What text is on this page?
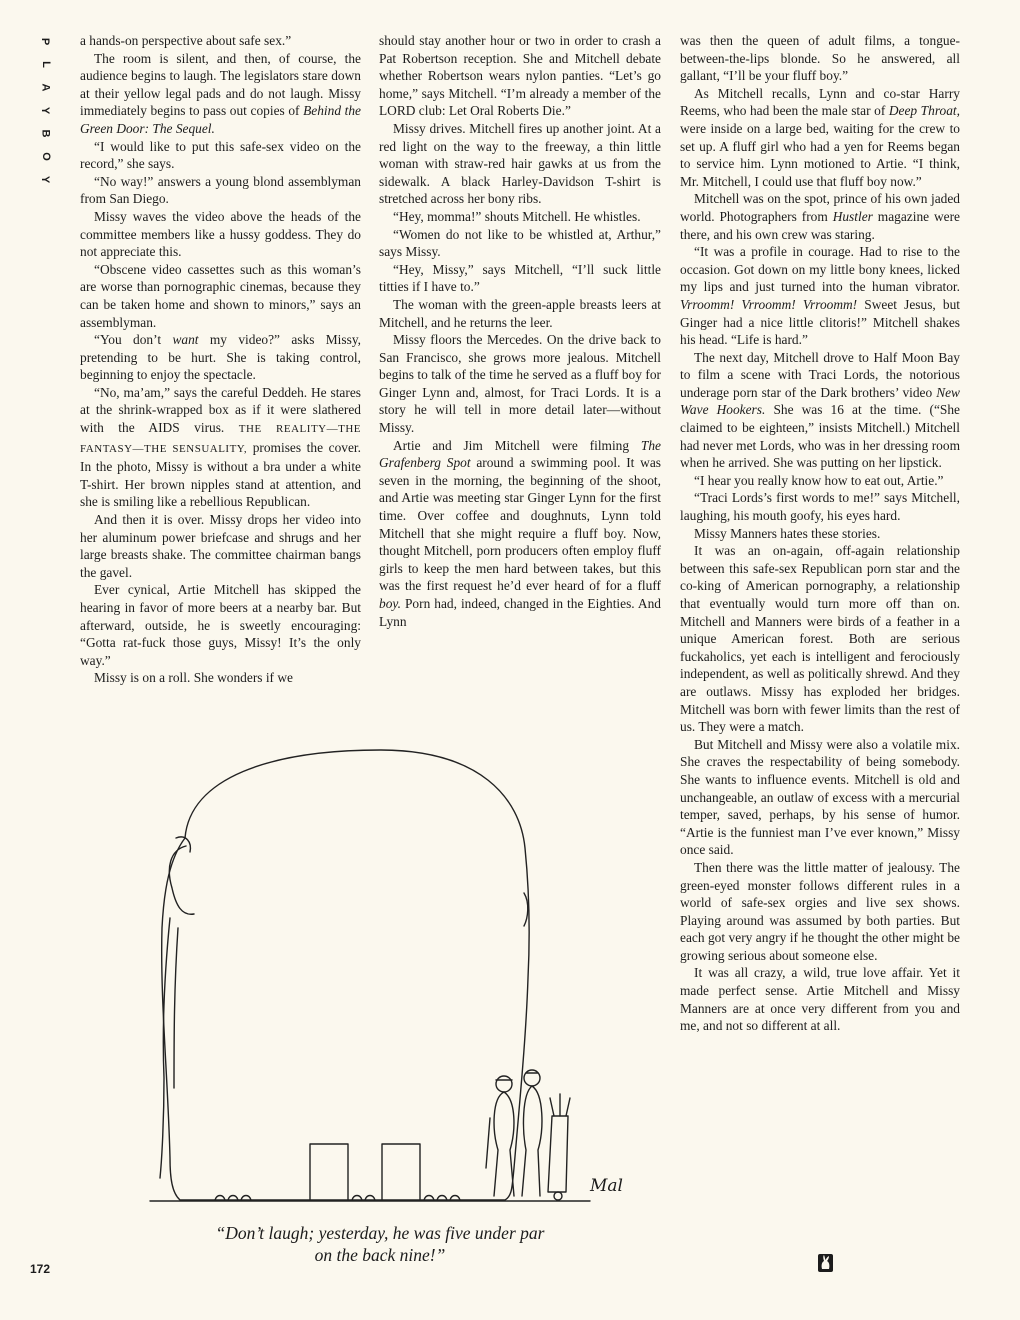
P
L
A
Y
B
O
Y

a hands-on perspective about safe sex.”

The room is silent, and then, of course, the audience begins to laugh. The legislators stare down at their yellow legal pads and do not laugh. Missy immediately begins to pass out copies of Behind the Green Door: The Sequel.

“I would like to put this safe-sex video on the record,” she says.

“No way!” answers a young blond assemblyman from San Diego.

Missy waves the video above the heads of the committee members like a hussy goddess. They do not appreciate this.

“Obscene video cassettes such as this woman’s are worse than pornographic cinemas, because they can be taken home and shown to minors,” says an assemblyman.

“You don’t want my video?” asks Missy, pretending to be hurt. She is taking control, beginning to enjoy the spectacle.

“No, ma’am,” says the careful Deddeh. He stares at the shrink-wrapped box as if it were slathered with the AIDS virus. THE REALITY—THE FANTASY—THE SENSUALITY, promises the cover. In the photo, Missy is without a bra under a white T-shirt. Her brown nipples stand at attention, and she is smiling like a rebellious Republican.

And then it is over. Missy drops her video into her aluminum power briefcase and shrugs and her large breasts shake. The committee chairman bangs the gavel.

Ever cynical, Artie Mitchell has skipped the hearing in favor of more beers at a nearby bar. But afterward, outside, he is sweetly encouraging: “Gotta rat-fuck those guys, Missy! It’s the only way.”

Missy is on a roll. She wonders if we

should stay another hour or two in order to crash a Pat Robertson reception. She and Mitchell debate whether Robertson wears nylon panties. “Let’s go home,” says Mitchell. “I’m already a member of the LORD club: Let Oral Roberts Die.”

Missy drives. Mitchell fires up another joint. At a red light on the way to the freeway, a thin little woman with straw-red hair gawks at us from the sidewalk. A black Harley-Davidson T-shirt is stretched across her bony ribs.

“Hey, momma!” shouts Mitchell. He whistles.

“Women do not like to be whistled at, Arthur,” says Missy.

“Hey, Missy,” says Mitchell, “I’ll suck little titties if I have to.”

The woman with the green-apple breasts leers at Mitchell, and he returns the leer.

Missy floors the Mercedes. On the drive back to San Francisco, she grows more jealous. Mitchell begins to talk of the time he served as a fluff boy for Ginger Lynn and, almost, for Traci Lords. It is a story he will tell in more detail later—without Missy.

Artie and Jim Mitchell were filming The Grafenberg Spot around a swimming pool. It was seven in the morning, the beginning of the shoot, and Artie was meeting star Ginger Lynn for the first time. Over coffee and doughnuts, Lynn told Mitchell that she might require a fluff boy. Now, thought Mitchell, porn producers often employ fluff girls to keep the men hard between takes, but this was the first request he’d ever heard of for a fluff boy. Porn had, indeed, changed in the Eighties. And Lynn

was then the queen of adult films, a tongue-between-the-lips blonde. So he answered, all gallant, “I’ll be your fluff boy.”

As Mitchell recalls, Lynn and co-star Harry Reems, who had been the male star of Deep Throat, were inside on a large bed, waiting for the crew to set up. A fluff girl who had a yen for Reems began to service him. Lynn motioned to Artie. “I think, Mr. Mitchell, I could use that fluff boy now.”

Mitchell was on the spot, prince of his own jaded world. Photographers from Hustler magazine were there, and his own crew was staring.

“It was a profile in courage. Had to rise to the occasion. Got down on my little bony knees, licked my lips and just turned into the human vibrator. Vrroomm! Vrroomm! Vrroomm! Sweet Jesus, but Ginger had a nice little clitoris!” Mitchell shakes his head. “Life is hard.”

The next day, Mitchell drove to Half Moon Bay to film a scene with Traci Lords, the notorious underage porn star of the Dark brothers’ video New Wave Hookers. She was 16 at the time. (“She claimed to be eighteen,” insists Mitchell.) Mitchell had never met Lords, who was in her dressing room when he arrived. She was putting on her lipstick.

“I hear you really know how to eat out, Artie.”

“Traci Lords’s first words to me!” says Mitchell, laughing, his mouth goofy, his eyes hard.

Missy Manners hates these stories.

It was an on-again, off-again relationship between this safe-sex Republican porn star and the co-king of American pornography, a relationship that eventually would turn more off than on. Mitchell and Manners were birds of a feather in a unique American forest. Both are serious fuckaholics, yet each is intelligent and ferociously independent, as well as politically shrewd. And they are outlaws. Missy has exploded her bridges. Mitchell was born with fewer limits than the rest of us. They were a match.

But Mitchell and Missy were also a volatile mix. She craves the respectability of being somebody. She wants to influence events. Mitchell is old and unchangeable, an outlaw of excess with a mercurial temper, saved, perhaps, by his sense of humor. “Artie is the funniest man I’ve ever known,” Missy once said.

Then there was the little matter of jealousy. The green-eyed monster follows different rules in a world of safe-sex orgies and live sex shows. Playing around was assumed by both parties. But each got very angry if he thought the other might be growing serious about someone else.

It was all crazy, a wild, true love affair. Yet it made perfect sense. Artie Mitchell and Missy Manners are at once very different from you and me, and not so different at all.

Mal
“Don’t laugh; yesterday, he was five under par
on the back nine!”
172
